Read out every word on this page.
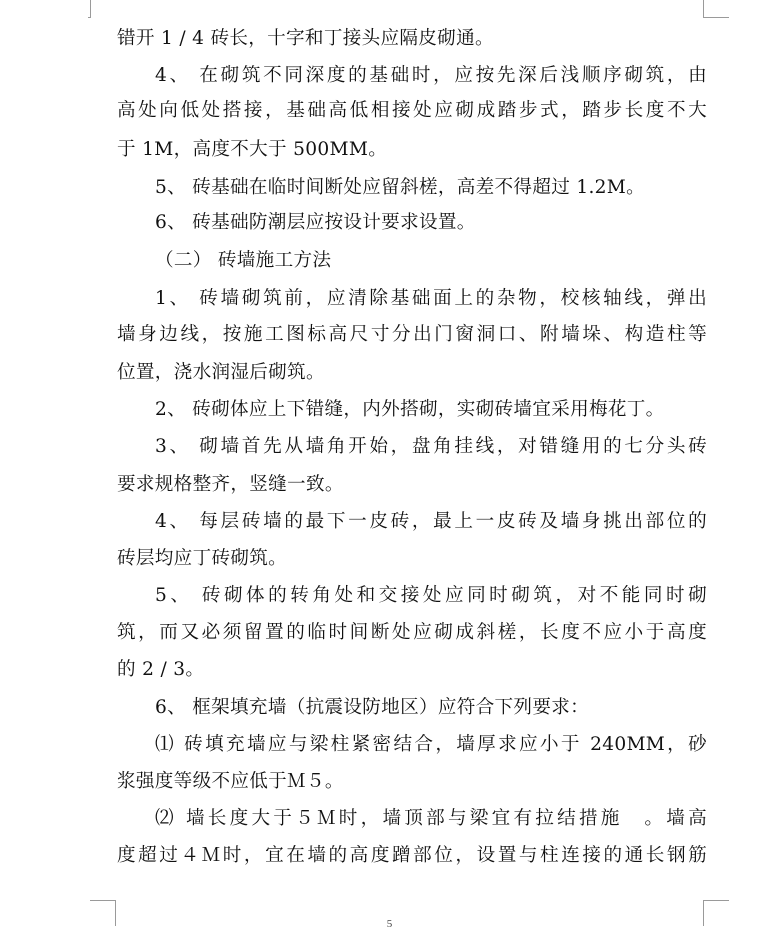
错开 1 / 4 砖长，十字和丁接头应隔皮砌通。
4、 在砌筑不同深度的基础时，应按先深后浅顺序砌筑，由
高处向低处搭接，基础高低相接处应砌成踏步式，踏步长度不大
于 1M，高度不大于 500MM。
5、 砖基础在临时间断处应留斜槎，高差不得超过 1.2M。
6、 砖基础防潮层应按设计要求设置。
（二） 砖墙施工方法
1、 砖墙砌筑前，应清除基础面上的杂物，校核轴线，弹出
墙身边线，按施工图标高尺寸分出门窗洞口、附墙垛、构造柱等
位置，浇水润湿后砌筑。
2、 砖砌体应上下错缝，内外搭砌，实砌砖墙宜采用梅花丁。
3、 砌墙首先从墙角开始，盘角挂线，对错缝用的七分头砖
要求规格整齐，竖缝一致。
4、 每层砖墙的最下一皮砖，最上一皮砖及墙身挑出部位的
砖层均应丁砖砌筑。
5、 砖砌体的转角处和交接处应同时砌筑，对不能同时砌
筑，而又必须留置的临时间断处应砌成斜槎，长度不应小于高度
的 2 / 3。
6、 框架填充墙（抗震设防地区）应符合下列要求：
⑴ 砖填充墙应与梁柱紧密结合，墙厚求应小于 240MM，砂
浆强度等级不应低于Ｍ５。
⑵ 墙长度大于５Ｍ时，墙顶部与梁宜有拉结措施　。墙高
度超过４Ｍ时，宜在墙的高度蹭部位，设置与柱连接的通长钢筋
5
